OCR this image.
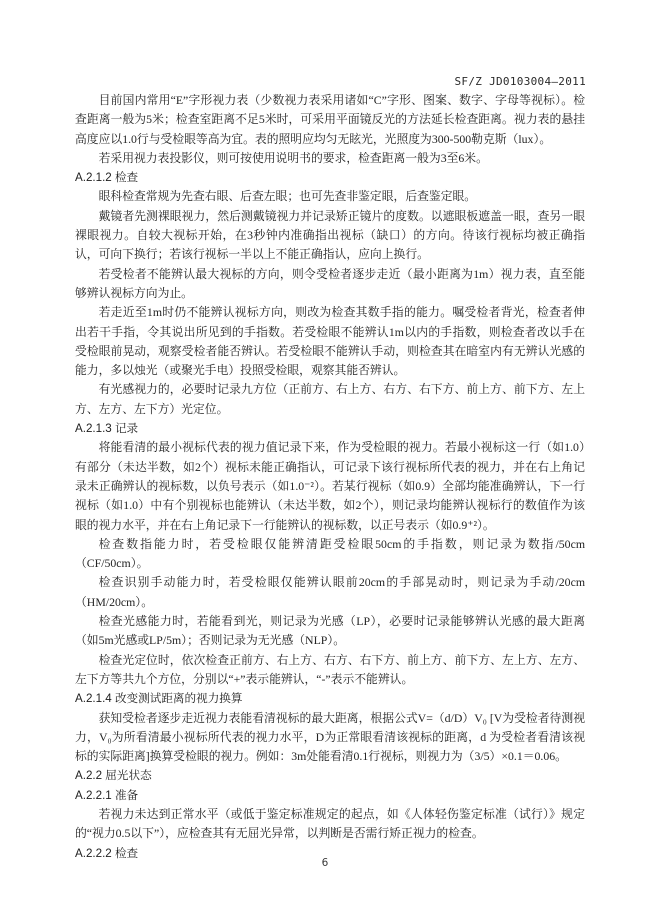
SF/Z JD0103004—2011

目前国内常用“E”字形视力表（少数视力表采用诸如“C”字形、图案、数字、字母等视标）。检查距离一般为5米；检查室距离不足5米时，可采用平面镜反光的方法延长检查距离。视力表的悬挂高度应以1.0行与受检眼等高为宜。表的照明应均匀无眩光，光照度为300-500勒克斯（lux）。

若采用视力表投影仪，则可按使用说明书的要求，检查距离一般为3至6米。

A.2.1.2 检查

眼科检查常规为先查右眼、后查左眼；也可先查非鉴定眼，后查鉴定眼。

戴镜者先测裸眼视力，然后测戴镜视力并记录矫正镜片的度数。以遮眼板遮盖一眼，查另一眼裸眼视力。自较大视标开始，在3秒钟内准确指出视标（缺口）的方向。待该行视标均被正确指认，可向下换行；若该行视标一半以上不能正确指认，应向上换行。

若受检者不能辨认最大视标的方向，则令受检者逐步走近（最小距离为1m）视力表，直至能够辨认视标方向为止。

若走近至1m时仍不能辨认视标方向，则改为检查其数手指的能力。嘱受检者背光，检查者伸出若干手指，令其说出所见到的手指数。若受检眼不能辨认1m以内的手指数，则检查者改以手在受检眼前晃动，观察受检者能否辨认。若受检眼不能辨认手动，则检查其在暗室内有无辨认光感的能力，多以烛光（或聚光手电）投照受检眼，观察其能否辨认。

有光感视力的，必要时记录九方位（正前方、右上方、右方、右下方、前上方、前下方、左上方、左方、左下方）光定位。

A.2.1.3 记录

将能看清的最小视标代表的视力值记录下来，作为受检眼的视力。若最小视标这一行（如1.0）有部分（未达半数，如2个）视标未能正确指认，可记录下该行视标所代表的视力，并在右上角记录未正确辨认的视标数，以负号表示（如1.0⁻²）。若某行视标（如0.9）全部均能准确辨认，下一行视标（如1.0）中有个别视标也能辨认（未达半数，如2个），则记录均能辨认视标行的数值作为该眼的视力水平，并在右上角记录下一行能辨认的视标数，以正号表示（如0.9⁺²）。

检查数指能力时，若受检眼仅能辨清距受检眼50cm的手指数，则记录为数指/50cm（CF/50cm）。

检查识别手动能力时，若受检眼仅能辨认眼前20cm的手部晃动时，则记录为手动/20cm（HM/20cm）。

检查光感能力时，若能看到光，则记录为光感（LP），必要时记录能够辨认光感的最大距离（如5m光感或LP/5m）；否则记录为无光感（NLP）。

检查光定位时，依次检查正前方、右上方、右方、右下方、前上方、前下方、左上方、左方、左下方等共九个方位，分别以“+”表示能辨认，“-”表示不能辨认。

A.2.1.4 改变测试距离的视力换算

获知受检者逐步走近视力表能看清视标的最大距离，根据公式V=（d/D）V₀ [V为受检者待测视力，V₀为所看清最小视标所代表的视力水平，D为正常眼看清该视标的距离，d 为受检者看清该视标的实际距离]换算受检眼的视力。例如：3m处能看清0.1行视标，则视力为（3/5）×0.1＝0.06。

A.2.2 屈光状态

A.2.2.1 准备

若视力未达到正常水平（或低于鉴定标准规定的起点，如《人体轻伤鉴定标准（试行）》规定的“视力0.5以下”），应检查其有无屈光异常，以判断是否需行矫正视力的检查。

A.2.2.2 检查

6
